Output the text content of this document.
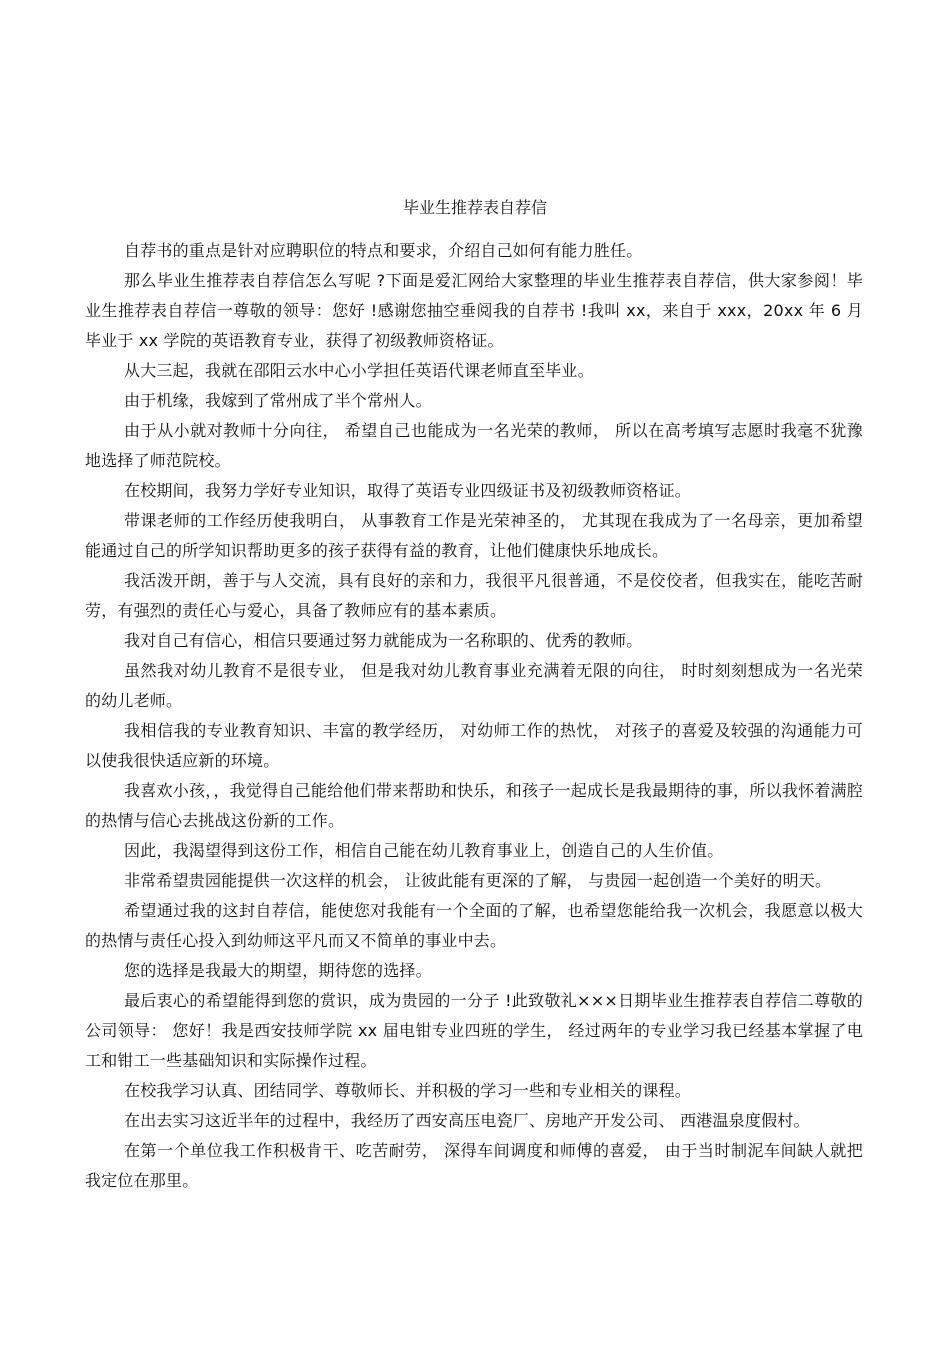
毕业生推荐表自荐信

自荐书的重点是针对应聘职位的特点和要求，介绍自己如何有能力胜任。

那么毕业生推荐表自荐信怎么写呢 ?下面是爱汇网给大家整理的毕业生推荐表自荐信，供大家参阅！毕业生推荐表自荐信一尊敬的领导：您好 !感谢您抽空垂阅我的自荐书 !我叫 xx，来自于 xxx，20xx 年 6 月毕业于 xx 学院的英语教育专业，获得了初级教师资格证。

从大三起，我就在邵阳云水中心小学担任英语代课老师直至毕业。

由于机缘，我嫁到了常州成了半个常州人。

由于从小就对教师十分向往， 希望自己也能成为一名光荣的教师， 所以在高考填写志愿时我毫不犹豫地选择了师范院校。

在校期间，我努力学好专业知识，取得了英语专业四级证书及初级教师资格证。

带课老师的工作经历使我明白， 从事教育工作是光荣神圣的， 尤其现在我成为了一名母亲，更加希望能通过自己的所学知识帮助更多的孩子获得有益的教育，让他们健康快乐地成长。

我活泼开朗，善于与人交流，具有良好的亲和力，我很平凡很普通，不是佼佼者，但我实在，能吃苦耐劳，有强烈的责任心与爱心，具备了教师应有的基本素质。

我对自己有信心，相信只要通过努力就能成为一名称职的、优秀的教师。

虽然我对幼儿教育不是很专业， 但是我对幼儿教育事业充满着无限的向往， 时时刻刻想成为一名光荣的幼儿老师。

我相信我的专业教育知识、丰富的教学经历， 对幼师工作的热忱， 对孩子的喜爱及较强的沟通能力可以使我很快适应新的环境。

我喜欢小孩，，我觉得自己能给他们带来帮助和快乐，和孩子一起成长是我最期待的事，所以我怀着满腔的热情与信心去挑战这份新的工作。

因此，我渴望得到这份工作，相信自己能在幼儿教育事业上，创造自己的人生价值。

非常希望贵园能提供一次这样的机会， 让彼此能有更深的了解， 与贵园一起创造一个美好的明天。

希望通过我的这封自荐信，能使您对我能有一个全面的了解，也希望您能给我一次机会，我愿意以极大的热情与责任心投入到幼师这平凡而又不简单的事业中去。

您的选择是我最大的期望，期待您的选择。

最后衷心的希望能得到您的赏识，成为贵园的一分子 !此致敬礼×××日期毕业生推荐表自荐信二尊敬的公司领导： 您好！我是西安技师学院 xx 届电钳专业四班的学生， 经过两年的专业学习我已经基本掌握了电工和钳工一些基础知识和实际操作过程。

在校我学习认真、团结同学、尊敬师长、并积极的学习一些和专业相关的课程。

在出去实习这近半年的过程中，我经历了西安高压电瓷厂、房地产开发公司、 西港温泉度假村。

在第一个单位我工作积极肯干、吃苦耐劳， 深得车间调度和师傅的喜爱， 由于当时制泥车间缺人就把我定位在那里。
